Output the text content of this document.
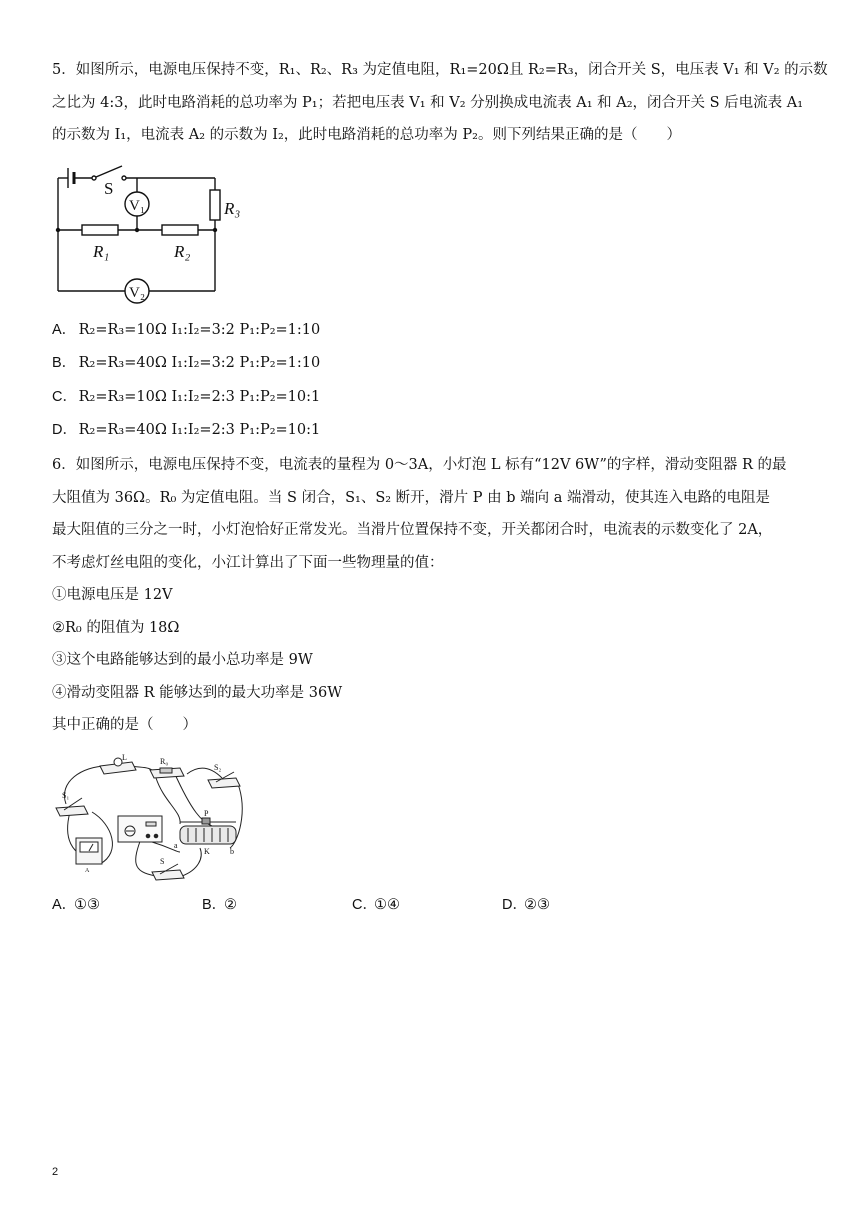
5．如图所示，电源电压保持不变，R₁、R₂、R₃ 为定值电阻，R₁=20Ω且 R₂=R₃，闭合开关 S，电压表 V₁ 和 V₂ 的示数
之比为 4:3，此时电路消耗的总功率为 P₁；若把电压表 V₁ 和 V₂ 分别换成电流表 A₁ 和 A₂，闭合开关 S 后电流表 A₁
的示数为 I₁，电流表 A₂ 的示数为 I₂，此时电路消耗的总功率为 P₂。则下列结果正确的是（　　）
S
V₁
V₂
R₁	R₂
R₃
A． R₂=R₃=10Ω I₁:I₂=3:2 P₁:P₂=1:10
B． R₂=R₃=40Ω I₁:I₂=3:2 P₁:P₂=1:10
C． R₂=R₃=10Ω I₁:I₂=2:3 P₁:P₂=10:1
D． R₂=R₃=40Ω I₁:I₂=2:3 P₁:P₂=10:1
6．如图所示，电源电压保持不变，电流表的量程为 0～3A，小灯泡 L 标有“12V 6W”的字样，滑动变阻器 R 的最
大阻值为 36Ω。R₀ 为定值电阻。当 S 闭合，S₁、S₂ 断开，滑片 P 由 b 端向 a 端滑动，使其连入电路的电阻是
最大阻值的三分之一时，小灯泡恰好正常发光。当滑片位置保持不变，开关都闭合时，电流表的示数变化了 2A，
不考虑灯丝电阻的变化，小江计算出了下面一些物理量的值：
①电源电压是 12V
②R₀ 的阻值为 18Ω
③这个电路能够达到的最小总功率是 9W
④滑动变阻器 R 能够达到的最大功率是 36W
其中正确的是（　　）
L	R₀
S₂
S₁
A
P
a
b
K
S
A．①③	B．②	C．①④	D．②③
2
